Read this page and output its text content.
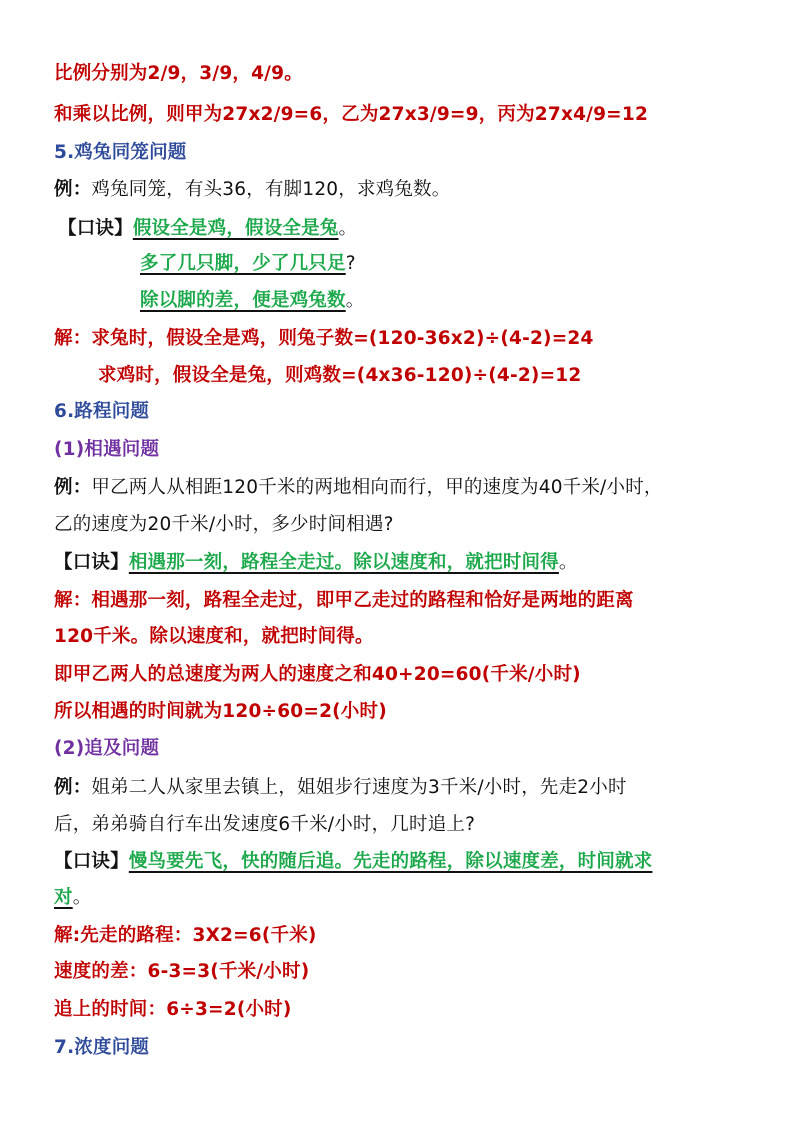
比例分别为2/9，3/9，4/9。
和乘以比例，则甲为27x2/9=6，乙为27x3/9=9，丙为27x4/9=12
5.鸡兔同笼问题
例：鸡兔同笼，有头36，有脚120，求鸡兔数。
【口诀】假设全是鸡，假设全是兔。
多了几只脚，少了几只足?
除以脚的差，便是鸡兔数。
解：求兔时，假设全是鸡，则兔子数=(120-36x2)÷(4-2)=24
求鸡时，假设全是兔，则鸡数=(4x36-120)÷(4-2)=12
6.路程问题
(1)相遇问题
例：甲乙两人从相距120千米的两地相向而行，甲的速度为40千米/小时，
乙的速度为20千米/小时，多少时间相遇?
【口诀】相遇那一刻，路程全走过。除以速度和，就把时间得。
解：相遇那一刻，路程全走过，即甲乙走过的路程和恰好是两地的距离
120千米。除以速度和，就把时间得。
即甲乙两人的总速度为两人的速度之和40+20=60(千米/小时)
所以相遇的时间就为120÷60=2(小时)
(2)追及问题
例：姐弟二人从家里去镇上，姐姐步行速度为3千米/小时，先走2小时
后，弟弟骑自行车出发速度6千米/小时，几时追上?
【口诀】慢鸟要先飞，快的随后追。先走的路程，除以速度差，时间就求
对。
解:先走的路程：3X2=6(千米)
速度的差：6-3=3(千米/小时)
追上的时间：6÷3=2(小时)
7.浓度问题
